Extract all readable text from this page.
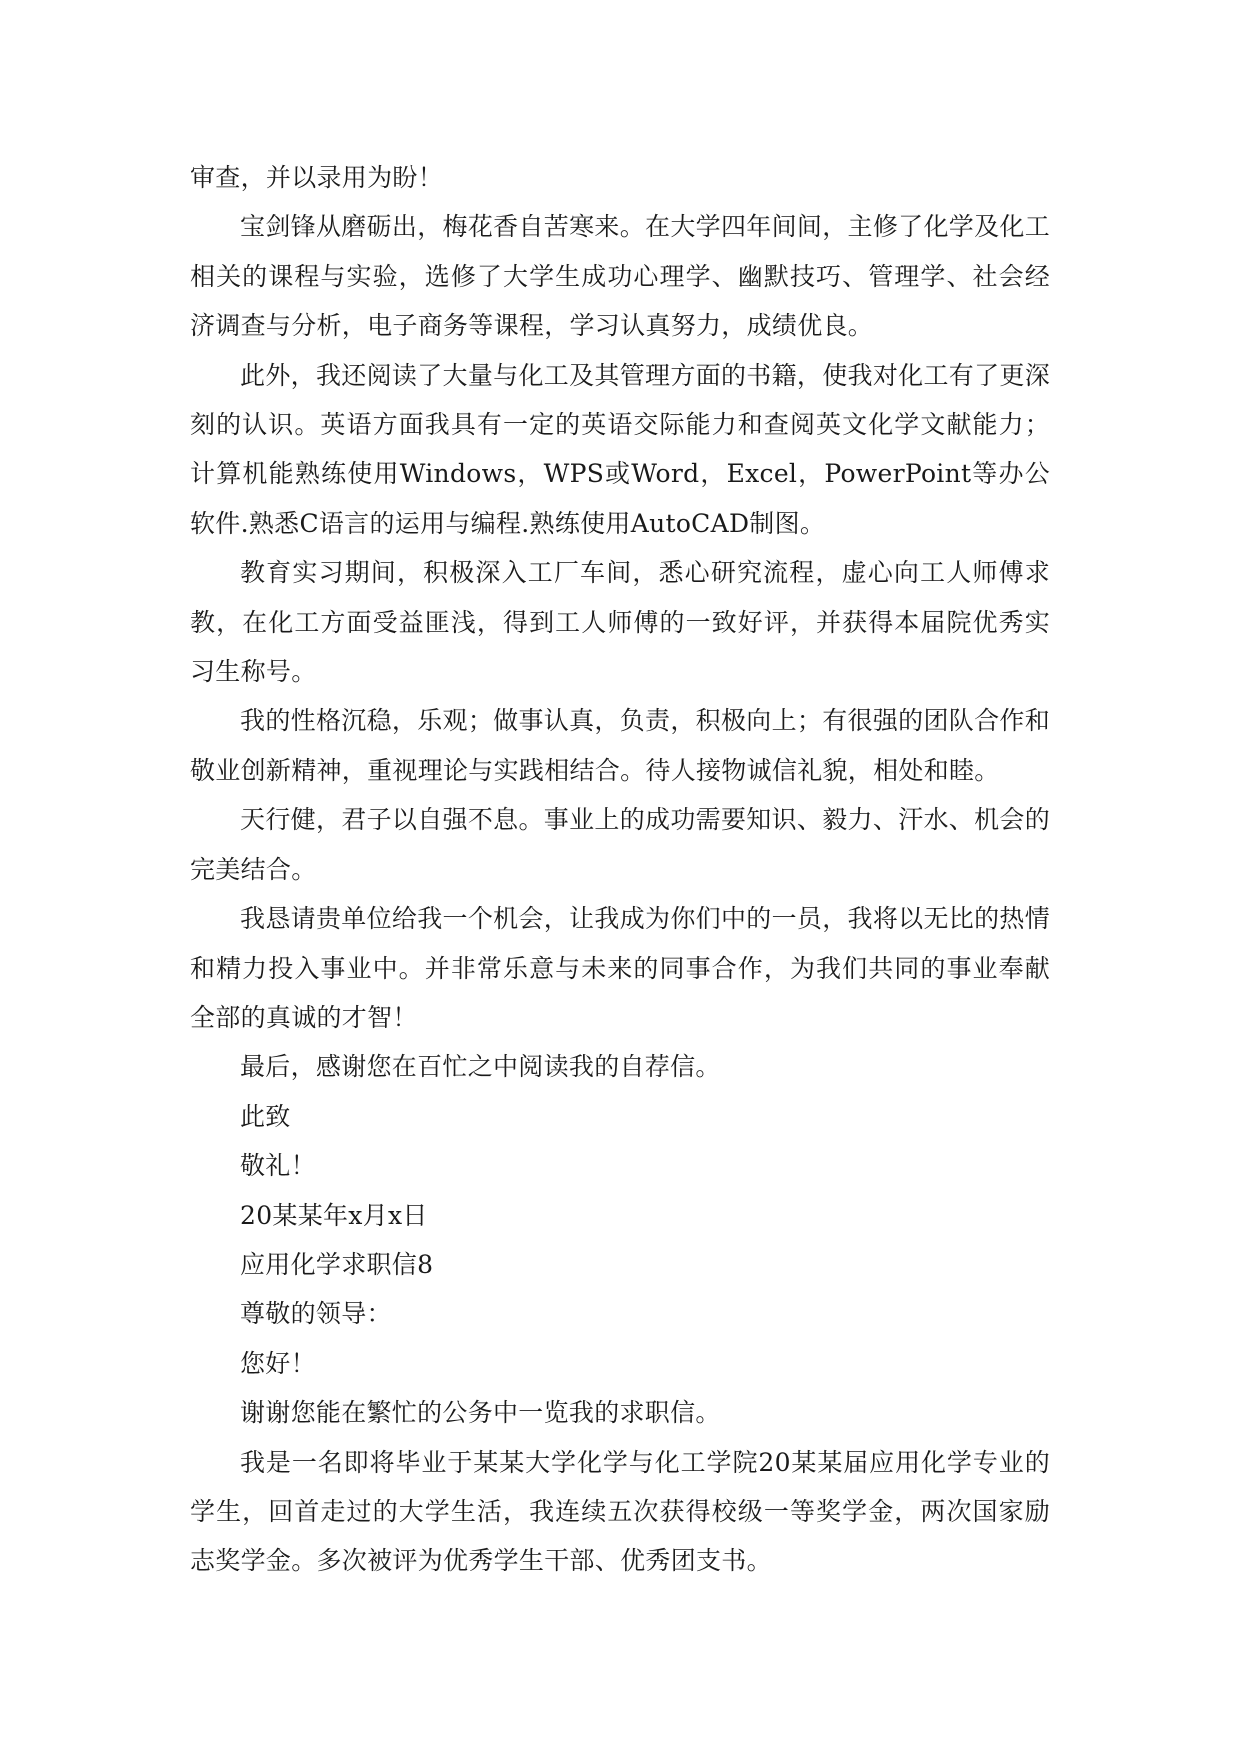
审查，并以录用为盼！

宝剑锋从磨砺出，梅花香自苦寒来。在大学四年间间，主修了化学及化工相关的课程与实验，选修了大学生成功心理学、幽默技巧、管理学、社会经济调查与分析，电子商务等课程，学习认真努力，成绩优良。

此外，我还阅读了大量与化工及其管理方面的书籍，使我对化工有了更深刻的认识。英语方面我具有一定的英语交际能力和查阅英文化学文献能力；计算机能熟练使用Windows，WPS或Word，Excel，PowerPoint等办公软件.熟悉C语言的运用与编程.熟练使用AutoCAD制图。

教育实习期间，积极深入工厂车间，悉心研究流程，虚心向工人师傅求教，在化工方面受益匪浅，得到工人师傅的一致好评，并获得本届院优秀实习生称号。

我的性格沉稳，乐观；做事认真，负责，积极向上；有很强的团队合作和敬业创新精神，重视理论与实践相结合。待人接物诚信礼貌，相处和睦。

天行健，君子以自强不息。事业上的成功需要知识、毅力、汗水、机会的完美结合。

我恳请贵单位给我一个机会，让我成为你们中的一员，我将以无比的热情和精力投入事业中。并非常乐意与未来的同事合作，为我们共同的事业奉献全部的真诚的才智！

最后，感谢您在百忙之中阅读我的自荐信。

此致

敬礼！

20某某年x月x日

应用化学求职信8

尊敬的领导：

您好！

谢谢您能在繁忙的公务中一览我的求职信。

我是一名即将毕业于某某大学化学与化工学院20某某届应用化学专业的学生，回首走过的大学生活，我连续五次获得校级一等奖学金，两次国家励志奖学金。多次被评为优秀学生干部、优秀团支书。
